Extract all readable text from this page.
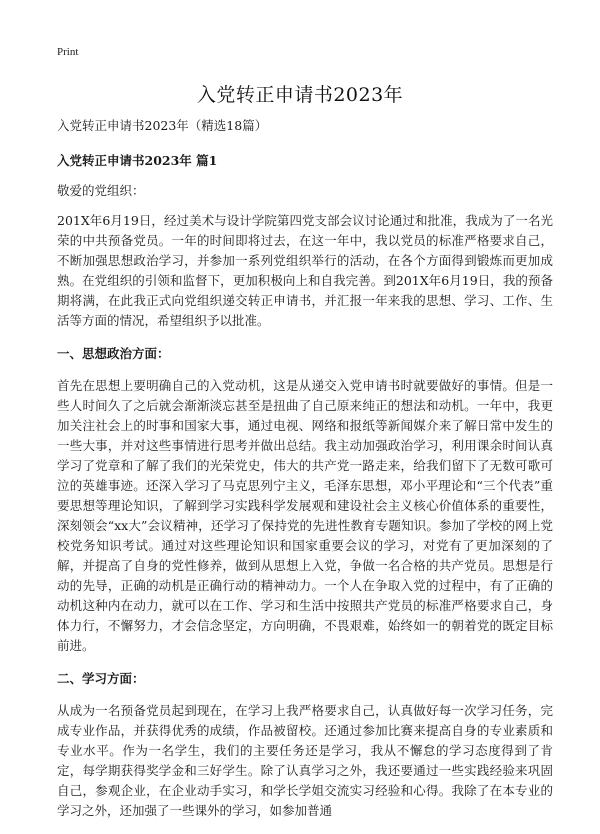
Print
入党转正申请书2023年

入党转正申请书2023年（精选18篇）

入党转正申请书2023年 篇1

敬爱的党组织：

201X年6月19日，经过美术与设计学院第四党支部会议讨论通过和批准，我成为了一名光荣的中共预备党员。一年的时间即将过去，在这一年中，我以党员的标准严格要求自己，不断加强思想政治学习，并参加一系列党组织举行的活动，在各个方面得到锻炼而更加成熟。在党组织的引领和监督下，更加积极向上和自我完善。到201X年6月19日，我的预备期将满，在此我正式向党组织递交转正申请书，并汇报一年来我的思想、学习、工作、生活等方面的情况，希望组织予以批准。

一、思想政治方面：

首先在思想上要明确自己的入党动机，这是从递交入党申请书时就要做好的事情。但是一些人时间久了之后就会渐渐淡忘甚至是扭曲了自己原来纯正的想法和动机。一年中，我更加关注社会上的时事和国家大事，通过电视、网络和报纸等新闻媒介来了解日常中发生的一些大事，并对这些事情进行思考并做出总结。我主动加强政治学习，利用课余时间认真学习了党章和了解了我们的光荣党史，伟大的共产党一路走来，给我们留下了无数可歌可泣的英雄事迹。还深入学习了马克思列宁主义，毛泽东思想，邓小平理论和“三个代表”重要思想等理论知识，了解到学习实践科学发展观和建设社会主义核心价值体系的重要性，深刻领会“xx大”会议精神，还学习了保持党的先进性教育专题知识。参加了学校的网上党校党务知识考试。通过对这些理论知识和国家重要会议的学习，对党有了更加深刻的了解，并提高了自身的党性修养，做到从思想上入党，争做一名合格的共产党员。思想是行动的先导，正确的动机是正确行动的精神动力。一个人在争取入党的过程中，有了正确的动机这种内在动力，就可以在工作、学习和生活中按照共产党员的标准严格要求自己，身体力行，不懈努力，才会信念坚定，方向明确，不畏艰难，始终如一的朝着党的既定目标前进。

二、学习方面：

从成为一名预备党员起到现在，在学习上我严格要求自己，认真做好每一次学习任务，完成专业作品，并获得优秀的成绩，作品被留校。还通过参加比赛来提高自身的专业素质和专业水平。作为一名学生，我们的主要任务还是学习，我从不懈怠的学习态度得到了肯定，每学期获得奖学金和三好学生。除了认真学习之外，我还要通过一些实践经验来巩固自己，参观企业，在企业动手实习，和学长学姐交流实习经验和心得。我除了在本专业的学习之外，还加强了一些课外的学习，如参加普通
